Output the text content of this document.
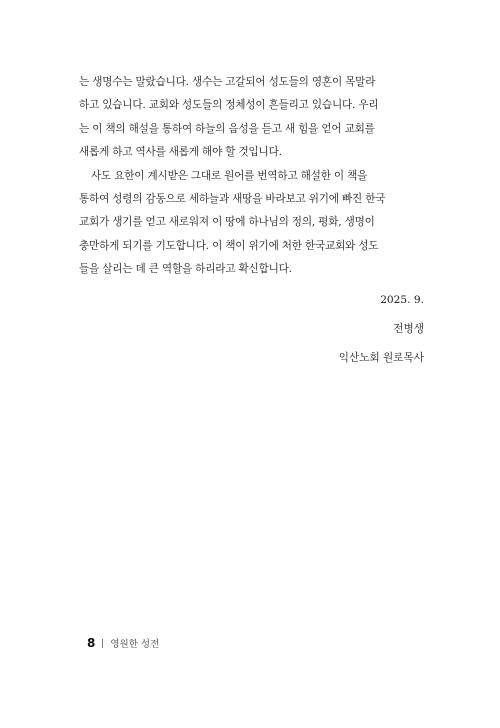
는 생명수는 말랐습니다. 생수는 고갈되어 성도들의 영혼이 목말라
하고 있습니다. 교회와 성도들의 정체성이 흔들리고 있습니다. 우리
는 이 책의 해설을 통하여 하늘의 음성을 듣고 새 힘을 얻어 교회를
새롭게 하고 역사를 새롭게 해야 할 것입니다.
사도 요한이 계시받은 그대로 원어를 번역하고 해설한 이 책을
통하여 성령의 감동으로 세하늘과 새땅을 바라보고 위기에 빠진 한국
교회가 생기를 얻고 새로워져 이 땅에 하나님의 정의, 평화, 생명이
충만하게 되기를 기도합니다. 이 책이 위기에 처한 한국교회와 성도
들을 살리는 데 큰 역할을 하리라고 확신합니다.
2025. 9.
전병생
익산노회 원로목사
8 영원한 성전
